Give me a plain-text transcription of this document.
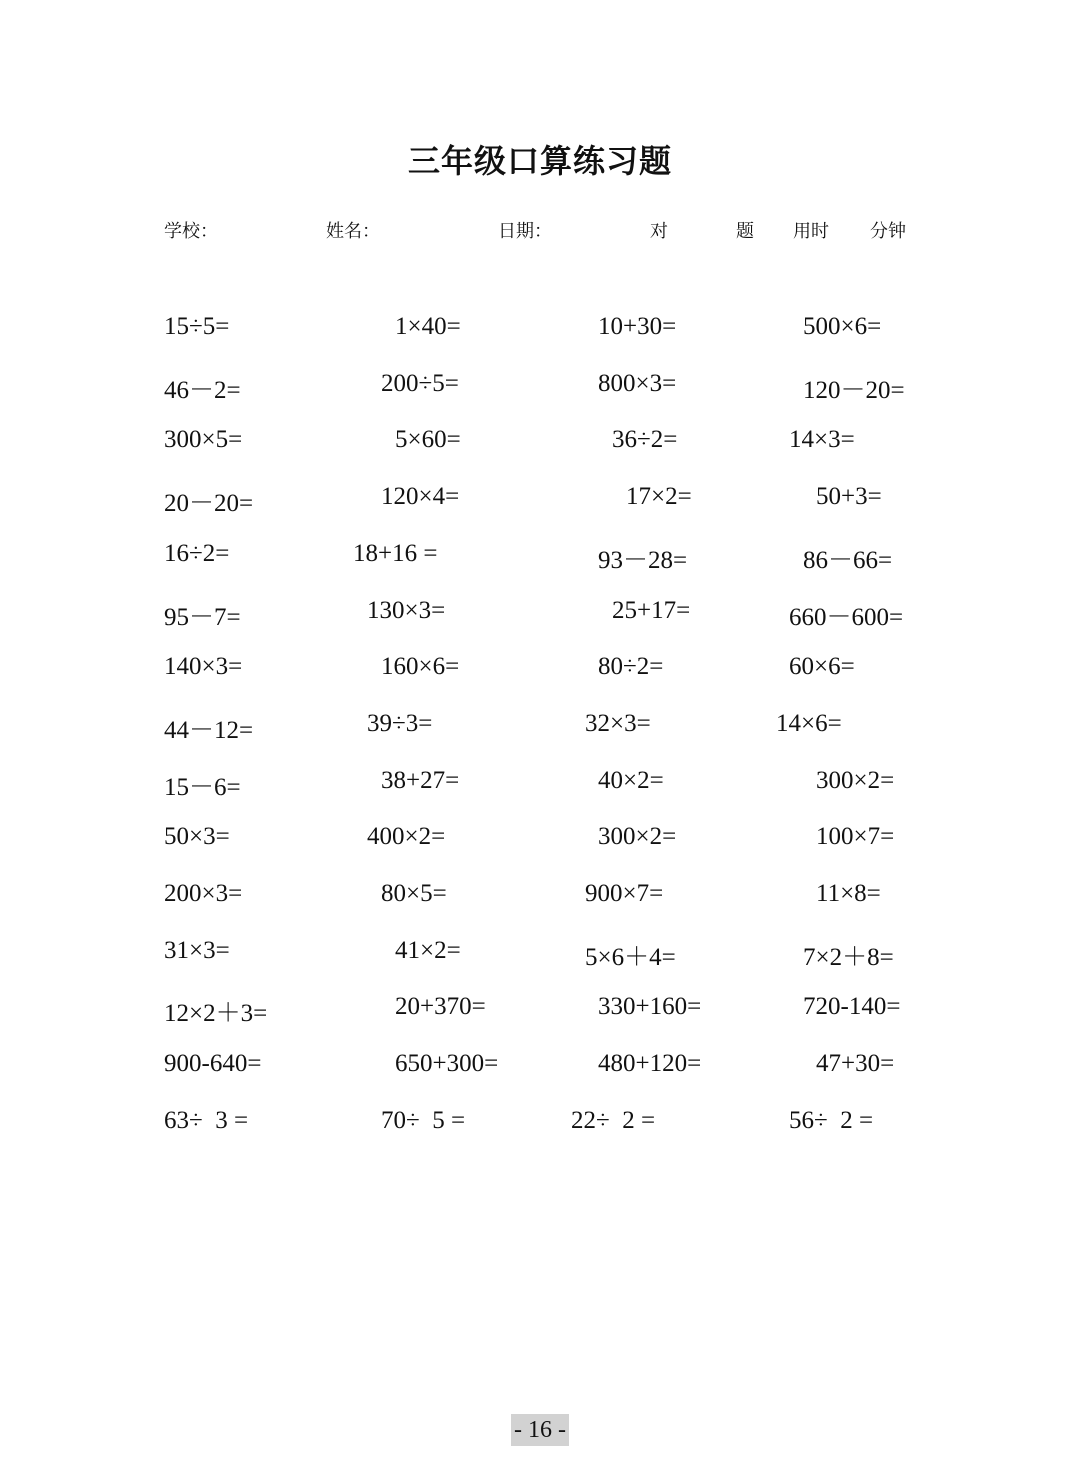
三年级口算练习题
学校：	姓名：	日期：	对	题 用时 分钟
15÷5=	1×40=	10+30=	500×6=
46－2=	200÷5=	800×3=	120－20=
300×5=	5×60=	36÷2=	14×3=
20－20=	120×4=	17×2=	50+3=
16÷2=	18+16 =	93－28=	86－66=
95－7=	130×3=	25+17=	660－600=
140×3=	160×6=	80÷2=	60×6=
44－12=	39÷3=	32×3=	14×6=
15－6=	38+27=	40×2=	300×2=
50×3=	400×2=	300×2=	100×7=
200×3=	80×5=	900×7=	11×8=
31×3=	41×2=	5×6＋4=	7×2＋8=
12×2＋3=	20+370=	330+160=	720-140=
900-640=	650+300=	480+120=	47+30=
63÷  3 =	70÷  5 =	22÷  2 =	56÷  2 =
- 16 -
